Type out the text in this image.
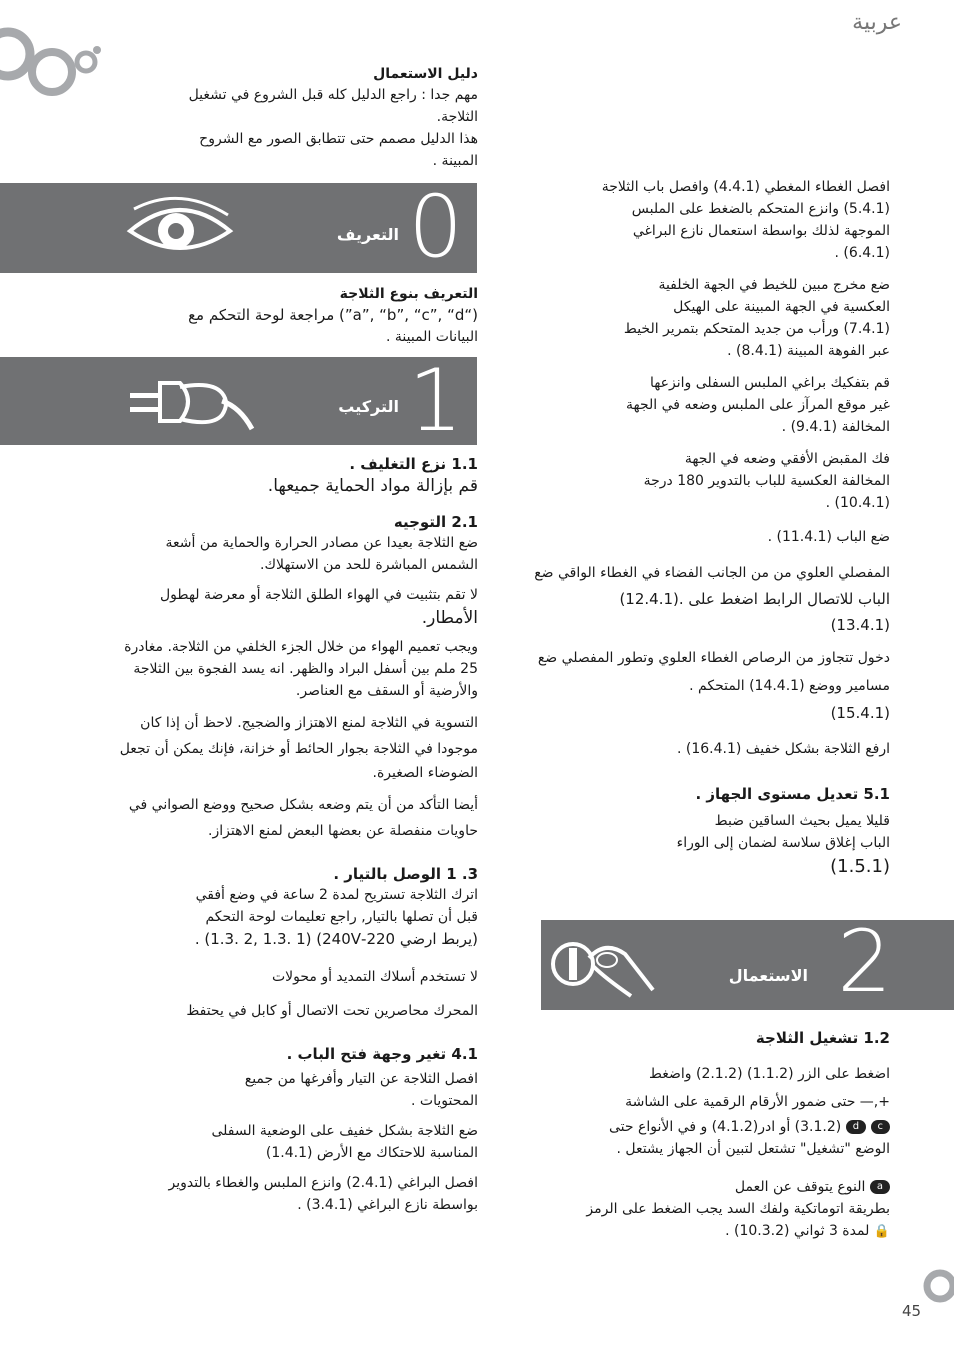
عربية

دليل الاستعمال

مهم جدا : راجع الدليل كله قبل الشروع في تشغيل

الثلاجة.

هذا الدليل مصمم حتى تتطابق الصور مع الشروح

المبينة .

التعريف 0

التعريف بنوع الثلاجة

(“a”, “b”, “c”, “d”) مراجعة لوحة التحكم مع

البيانات المبينة .

التركيب 1

1.1 نزع التغليف .

قم بإزالة مواد الحماية جميعها.

2.1 التوجيه

ضع الثلاجة بعيدا عن مصادر الحرارة والحماية من أشعة

الشمس المباشرة للحد من الاستهلاك.

لا تقم بتثبيت في الهواء الطلق الثلاجة أو معرضة لهطول

الأمطار.

ويجب تعميم الهواء من خلال الجزء الخلفي من الثلاجة. مغادرة

25 ملم بين أسفل البراد والظهر. انه يسد الفجوة بين الثلاجة

والأرضية أو السقف مع العناصر.

التسوية في الثلاجة لمنع الاهتزاز والضجيج. لاحظ أن إذا كان

موجودا في الثلاجة بجوار الحائط أو خزانة، فإنك يمكن أن تجعل

الضوضاء الصغيرة.

أيضا التأكد من أن يتم وضعه بشكل صحيح ووضع الصواني في

حاويات منفصلة عن بعضها البعض لمنع الاهتزاز.

3. 1 الوصل بالتيار .

اترك الثلاجة تستريح لمدة 2 ساعة في وضع أفقي

قبل أن تصلها بالتيار, راجع تعليمات لوحة التحكم

(يربط ارضي 220-240V) (1.3. 2, 1.3. 1) .

لا تستخدم أسلاك التمديد أو محولات

المحرك محاصرين تحت الاتصال أو كابل في يحتفظ

4.1 تغير وجهة فتح الباب .

افصل الثلاجة عن التيار وأفرغها من جميع

المحتويات .

ضع الثلاجة بشكل خفيف على الوضعية السفلى

المناسبة للاحتكاك مع الأرض (1.4.1)

افصل البراغي (2.4.1) وانزع الملبس والغطاء بالتدوير

بواسطة نازع البراغي (3.4.1) .

افصل الغطاء المغطي (4.4.1) وافصل باب الثلاجة

(5.4.1) وانزع المتحكم بالضغط على الملبس

الموجهة لذلك بواسطة استعمال نازع البراغي

(6.4.1) .

ضع مخرج مبين للخيط في الجهة الخلفية

العكسية في الجهة المبينة على الهيكل

(7.4.1) ورأب من جديد المتحكم بتمرير الخيط

عبر الفوهة المبينة (8.4.1) .

قم بتفكيك براغي الملبس السفلى وانزعها

غير موقع المرآز على الملبس وضعه في الجهة

المخالفة (9.4.1) .

فك المقبض الأفقي وضعه في الجهة

المخالفة العكسية للباب بالتدوير 180 درجة

(10.4.1) .

ضع الباب (11.4.1) .

المفصلي العلوي من من الجانب الفضاء في الغطاء الواقي ضع

الباب للاتصال الرابط اضغط على .(12.4.1)

(13.4.1)

دخول تتجاوز من الرصاص الغطاء العلوي وتطور المفصلي ضع

مسامير ووضع (14.4.1) المتحكم .

(15.4.1)

ارفع الثلاجة بشكل خفيف (16.4.1) .

5.1 تعديل مستوى الجهاز .

قليلا يميل بحيث الساقين ضبط

الباب إغلاق سلاسة لضمان إلى الوراء

(1.5.1)

الاستعمال 2

1.2 تشغيل الثلاجة

اضغط على الزر (1.1.2) (2.1.2) واضغط

+,— حتى ضمور الأرقام الرقمية على الشاشة

c d (3.1.2) أو ادر(4.1.2) و في الأنواع حتى

الوضع "تشغيل" تشتعل لتبين أن الجهاز يشتعل .

a النوع يتوقف عن العمل

بطريقة اتوماتكية ولفك السد يجب الضغط على الرمز

🔒 لمدة 3 ثواني (10.3.2) .

45
